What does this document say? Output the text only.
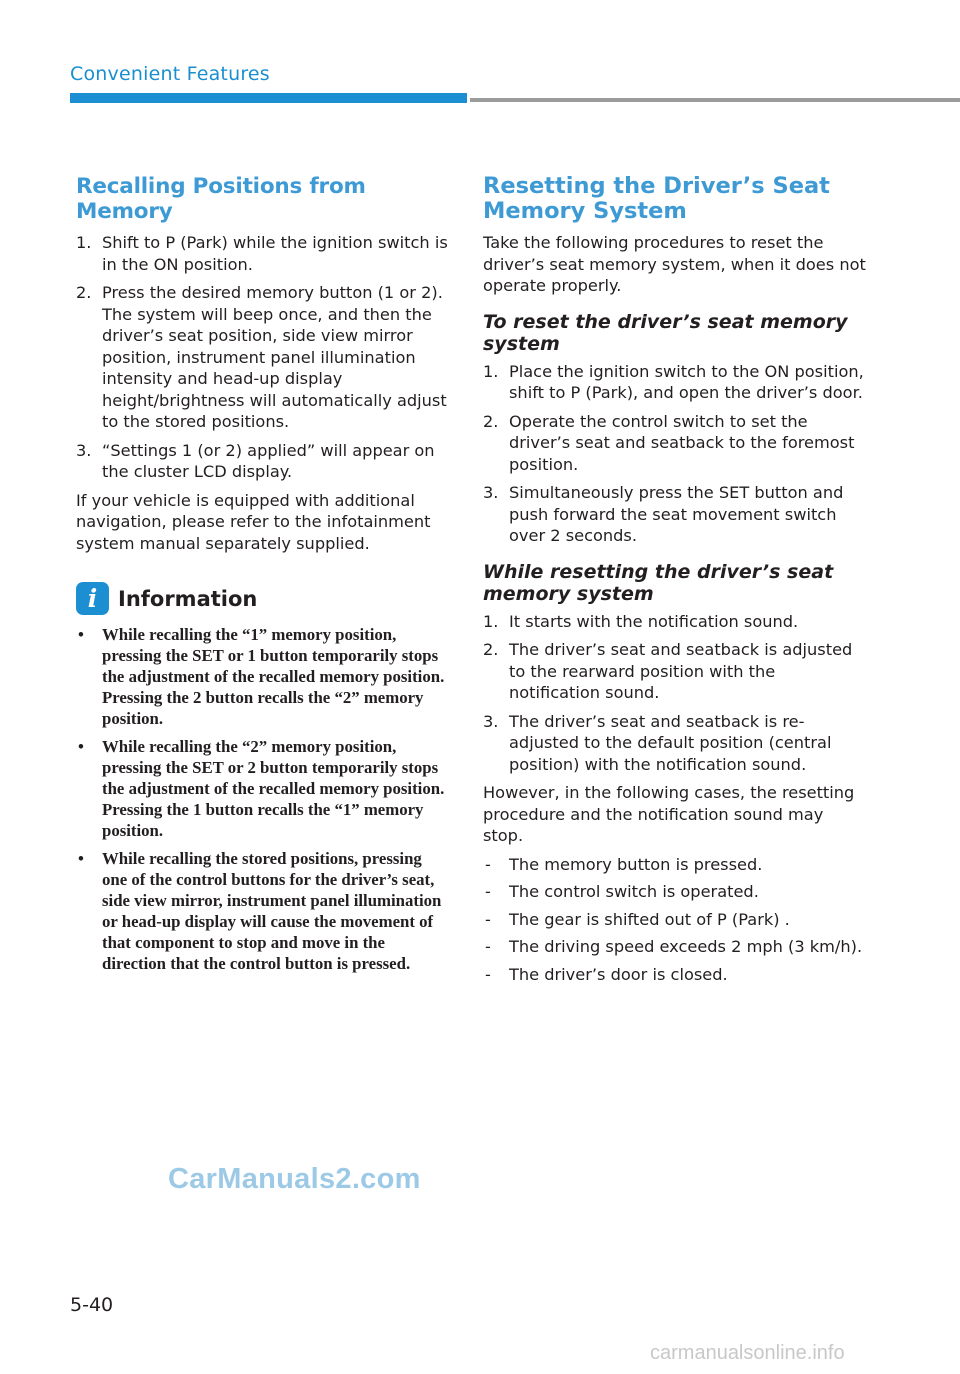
Convenient Features
Recalling Positions from Memory
1. Shift to P (Park) while the ignition switch is in the ON position.
2. Press the desired memory button (1 or 2). The system will beep once, and then the driver’s seat position, side view mirror position, instrument panel illumination intensity and head-up display height/brightness will automatically adjust to the stored positions.
3. “Settings 1 (or 2) applied” will appear on the cluster LCD display.

If your vehicle is equipped with additional navigation, please refer to the infotainment system manual separately supplied.

i Information
• While recalling the “1” memory position, pressing the SET or 1 button temporarily stops the adjustment of the recalled memory position. Pressing the 2 button recalls the “2” memory position.
• While recalling the “2” memory position, pressing the SET or 2 button temporarily stops the adjustment of the recalled memory position. Pressing the 1 button recalls the “1” memory position.
• While recalling the stored positions, pressing one of the control buttons for the driver’s seat, side view mirror, instrument panel illumination or head-up display will cause the movement of that component to stop and move in the direction that the control button is pressed.
Resetting the Driver’s Seat Memory System

Take the following procedures to reset the driver’s seat memory system, when it does not operate properly.

To reset the driver’s seat memory system
1. Place the ignition switch to the ON position, shift to P (Park), and open the driver’s door.
2. Operate the control switch to set the driver’s seat and seatback to the foremost position.
3. Simultaneously press the SET button and push forward the seat movement switch over 2 seconds.
While resetting the driver’s seat memory system
1. It starts with the notification sound.
2. The driver’s seat and seatback is adjusted to the rearward position with the notification sound.
3. The driver’s seat and seatback is re-adjusted to the default position (central position) with the notification sound.

However, in the following cases, the resetting procedure and the notification sound may stop.

- The memory button is pressed.
- The control switch is operated.
- The gear is shifted out of P (Park) .
- The driving speed exceeds 2 mph (3 km/h).
- The driver’s door is closed.
CarManuals2.com
5-40
carmanualsonline.info
